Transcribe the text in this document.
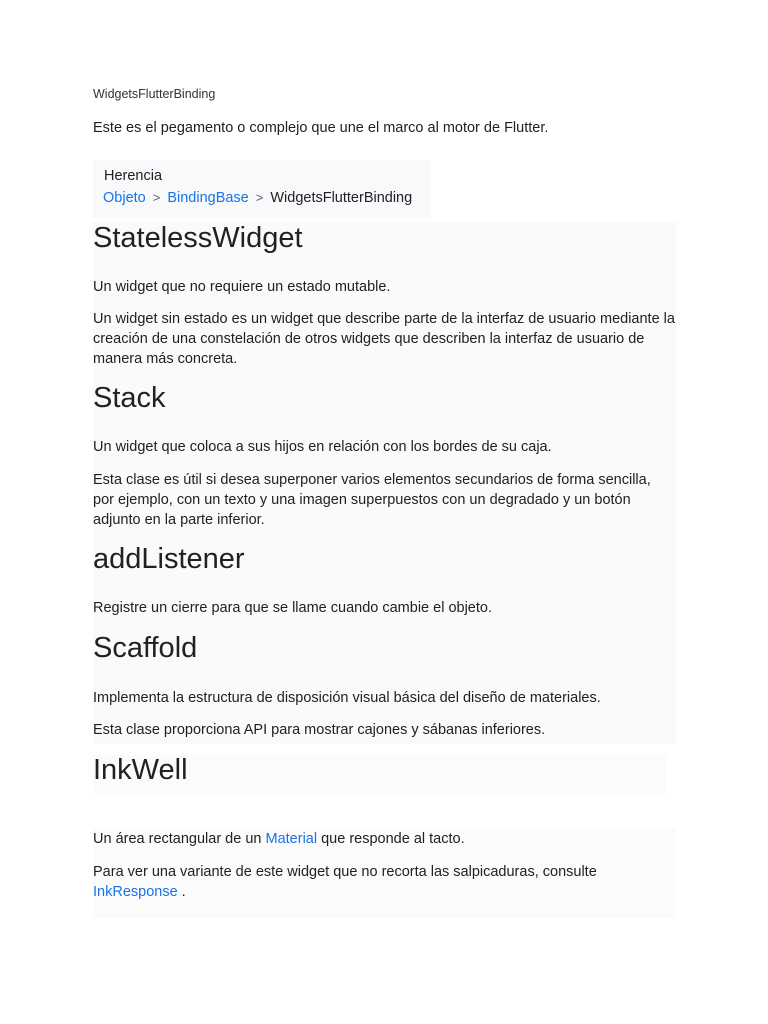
WidgetsFlutterBinding
Este es el pegamento o complejo que une el marco al motor de Flutter.
Herencia
Objeto > BindingBase > WidgetsFlutterBinding
StatelessWidget

Un widget que no requiere un estado mutable.

Un widget sin estado es un widget que describe parte de la interfaz de usuario mediante la creación de una constelación de otros widgets que describen la interfaz de usuario de manera más concreta.

Stack

Un widget que coloca a sus hijos en relación con los bordes de su caja.

Esta clase es útil si desea superponer varios elementos secundarios de forma sencilla, por ejemplo, con un texto y una imagen superpuestos con un degradado y un botón adjunto en la parte inferior.

addListener

Registre un cierre para que se llame cuando cambie el objeto.

Scaffold

Implementa la estructura de disposición visual básica del diseño de materiales.

Esta clase proporciona API para mostrar cajones y sábanas inferiores.

InkWell

Un área rectangular de un Material que responde al tacto.

Para ver una variante de este widget que no recorta las salpicaduras, consulte InkResponse .
